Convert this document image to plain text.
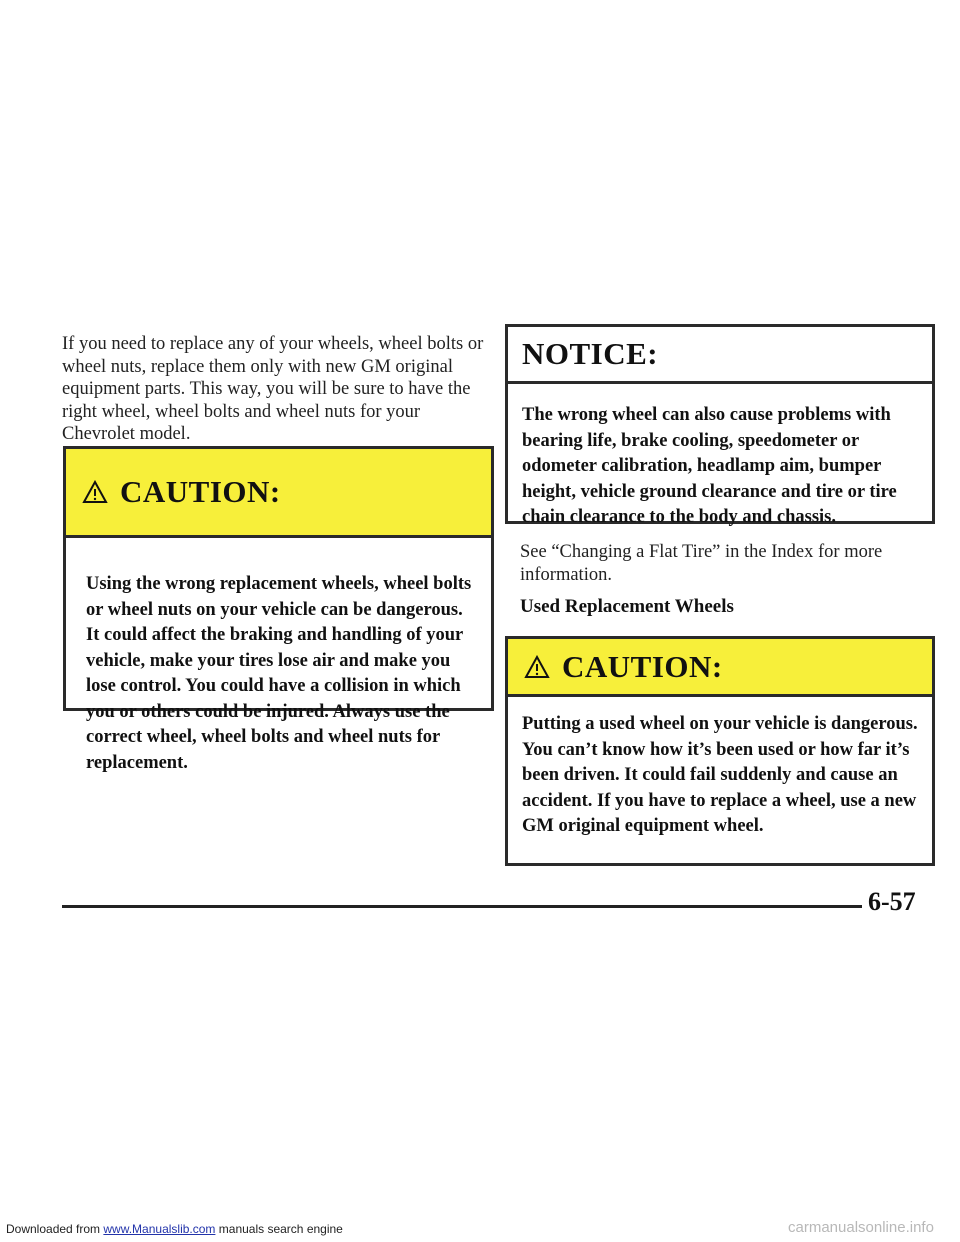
If you need to replace any of your wheels, wheel bolts or wheel nuts, replace them only with new GM original equipment parts. This way, you will be sure to have the right wheel, wheel bolts and wheel nuts for your Chevrolet model.
CAUTION:
Using the wrong replacement wheels, wheel bolts or wheel nuts on your vehicle can be dangerous. It could affect the braking and handling of your vehicle, make your tires lose air and make you lose control. You could have a collision in which you or others could be injured. Always use the correct wheel, wheel bolts and wheel nuts for replacement.
NOTICE:
The wrong wheel can also cause problems with bearing life, brake cooling, speedometer or odometer calibration, headlamp aim, bumper height, vehicle ground clearance and tire or tire chain clearance to the body and chassis.
See “Changing a Flat Tire” in the Index for more information.
Used Replacement Wheels
CAUTION:
Putting a used wheel on your vehicle is dangerous. You can’t know how it’s been used or how far it’s been driven. It could fail suddenly and cause an accident. If you have to replace a wheel, use a new GM original equipment wheel.
6-57
Downloaded from www.Manualslib.com manuals search engine	carmanualsonline.info
